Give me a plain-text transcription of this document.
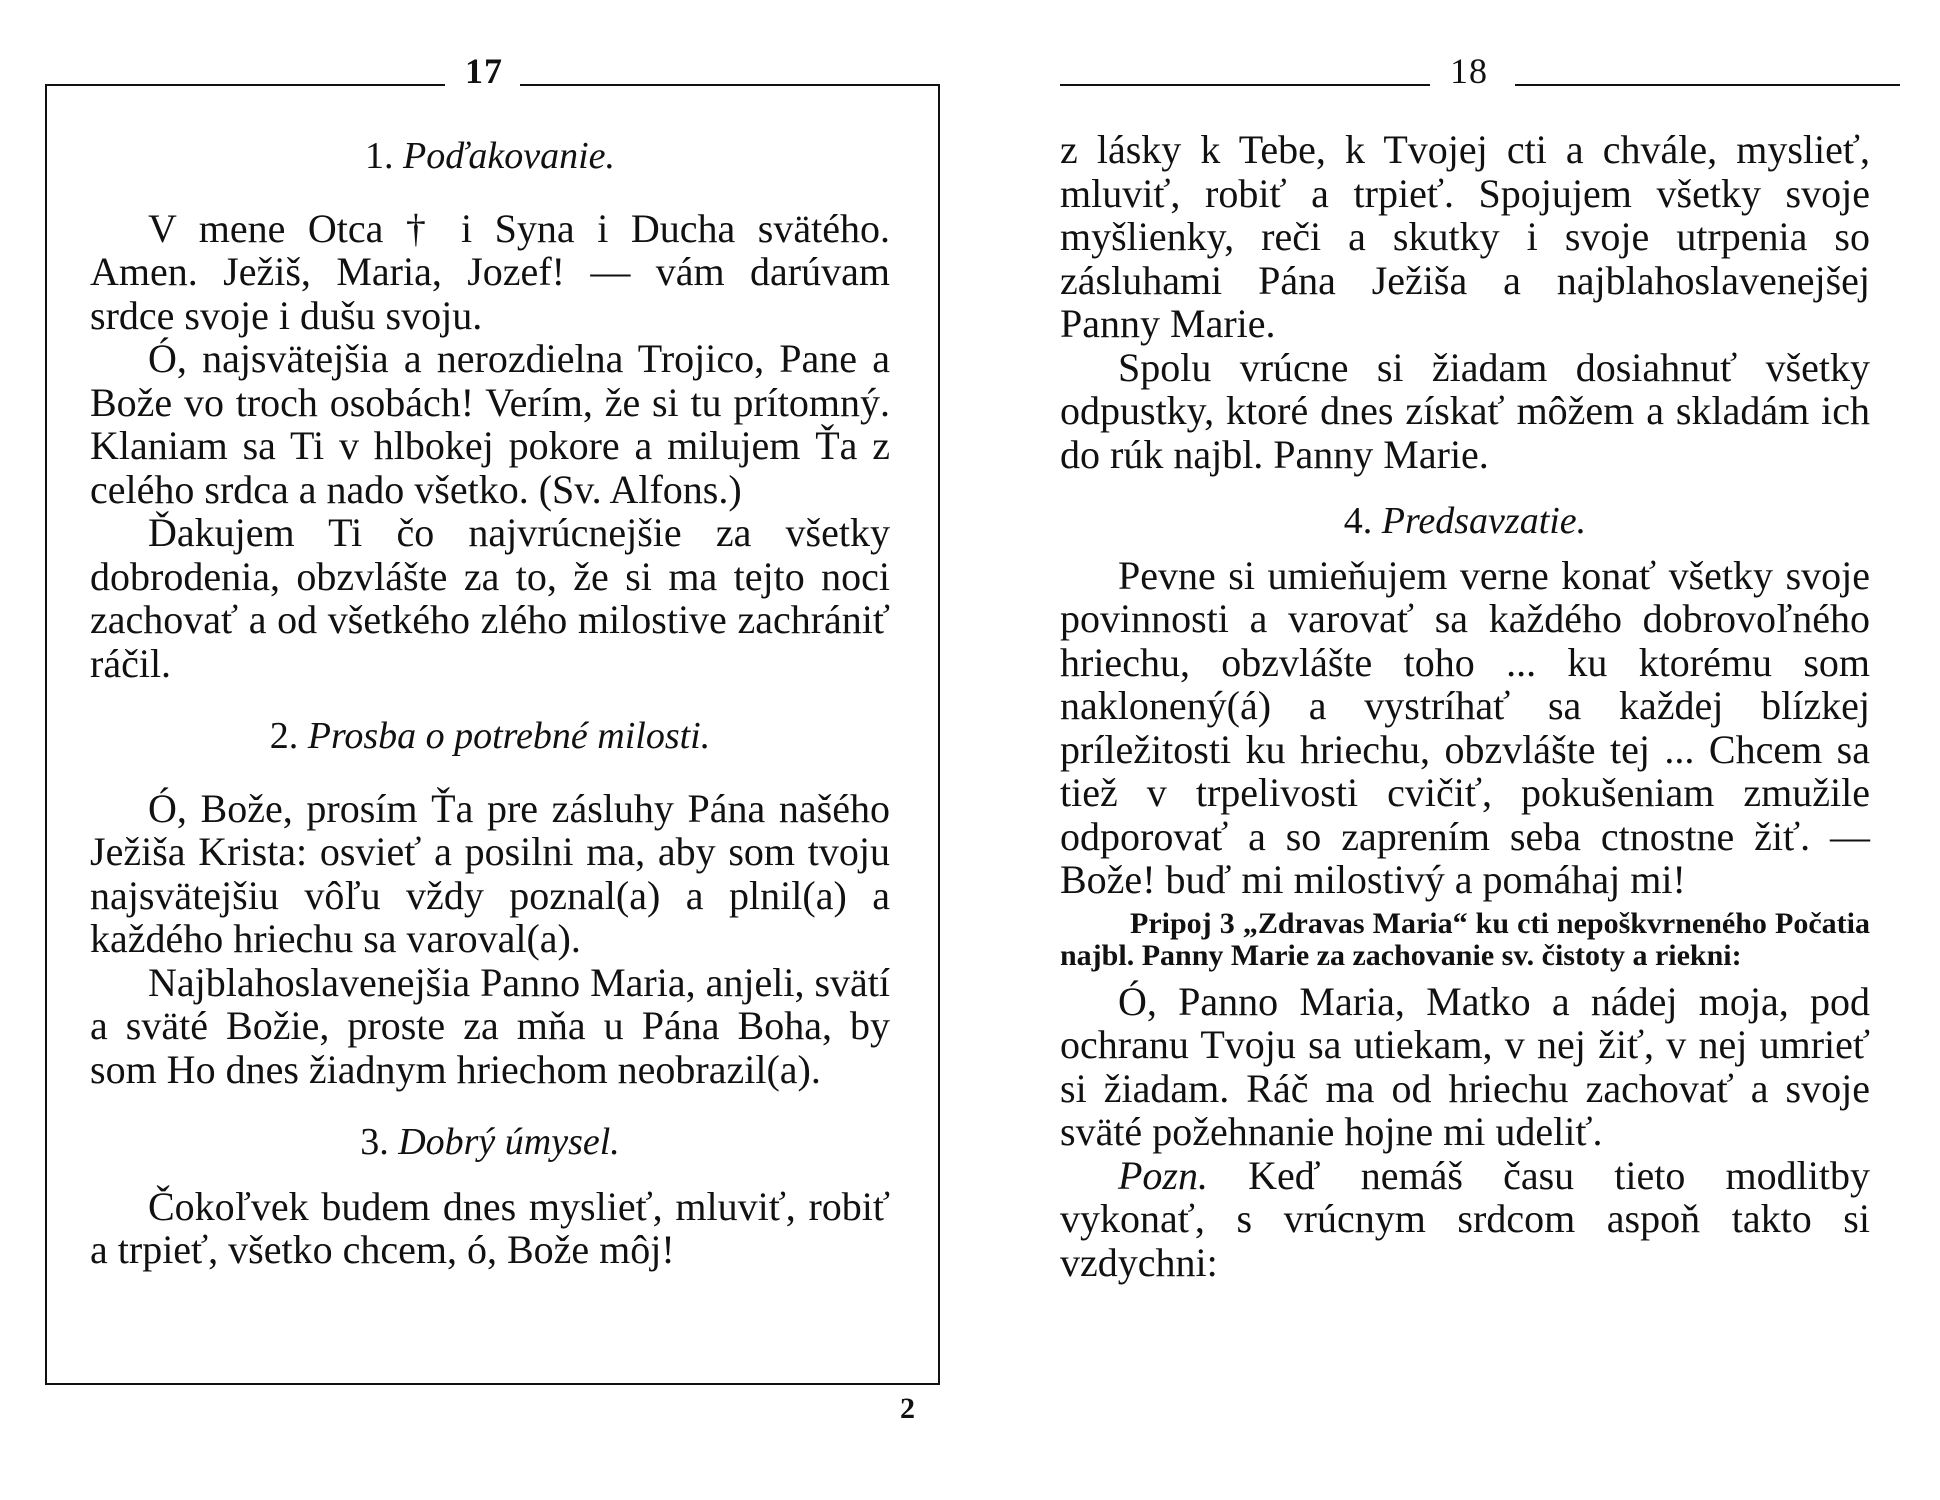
17

1. Poďakovanie.

V mene Otca † i Syna i Ducha svätého. Amen. Ježiš, Maria, Jozef! — vám darúvam srdce svoje i dušu svoju.

Ó, najsvätejšia a nerozdielna Trojico, Pane a Bože vo troch osobách! Verím, že si tu prítomný. Klaniam sa Ti v hlbokej pokore a milujem Ťa z celého srdca a nado všetko. (Sv. Alfons.)

Ďakujem Ti čo najvrúcnejšie za všetky dobrodenia, obzvlášte za to, že si ma tejto noci zachovať a od všetkého zlého milostive zachrániť ráčil.

2. Prosba o potrebné milosti.

Ó, Bože, prosím Ťa pre zásluhy Pána našého Ježiša Krista: osvieť a posilni ma, aby som tvoju najsvätejšiu vôľu vždy poznal(a) a plnil(a) a každého hriechu sa varoval(a).

Najblahoslavenejšia Panno Maria, anjeli, svätí a sväté Božie, proste za mňa u Pána Boha, by som Ho dnes žiadnym hriechom neobrazil(a).

3. Dobrý úmysel.

Čokoľvek budem dnes myslieť, mluviť, robiť a trpieť, všetko chcem, ó, Bože môj!

2
18

z lásky k Tebe, k Tvojej cti a chvále, myslieť, mluviť, robiť a trpieť. Spojujem všetky svoje myšlienky, reči a skutky i svoje utrpenia so zásluhami Pána Ježiša a najblahoslavenejšej Panny Marie.

Spolu vrúcne si žiadam dosiahnuť všetky odpustky, ktoré dnes získať môžem a skladám ich do rúk najbl. Panny Marie.

4. Predsavzatie.

Pevne si umieňujem verne konať všetky svoje povinnosti a varovať sa každého dobrovoľného hriechu, obzvlášte toho ... ku ktorému som naklonený(á) a vystríhať sa každej blízkej príležitosti ku hriechu, obzvlášte tej ... Chcem sa tiež v trpelivosti cvičiť, pokušeniam zmužile odporovať a so zaprením seba ctnostne žiť. — Bože! buď mi milostivý a pomáhaj mi!

Pripoj 3 „Zdravas Maria“ ku cti nepoškvrneného Počatia najbl. Panny Marie za zachovanie sv. čistoty a riekni:

Ó, Panno Maria, Matko a nádej moja, pod ochranu Tvoju sa utiekam, v nej žiť, v nej umrieť si žiadam. Ráč ma od hriechu zachovať a svoje sväté požehnanie hojne mi udeliť.

Pozn. Keď nemáš času tieto modlitby vykonať, s vrúcnym srdcom aspoň takto si vzdychni:
